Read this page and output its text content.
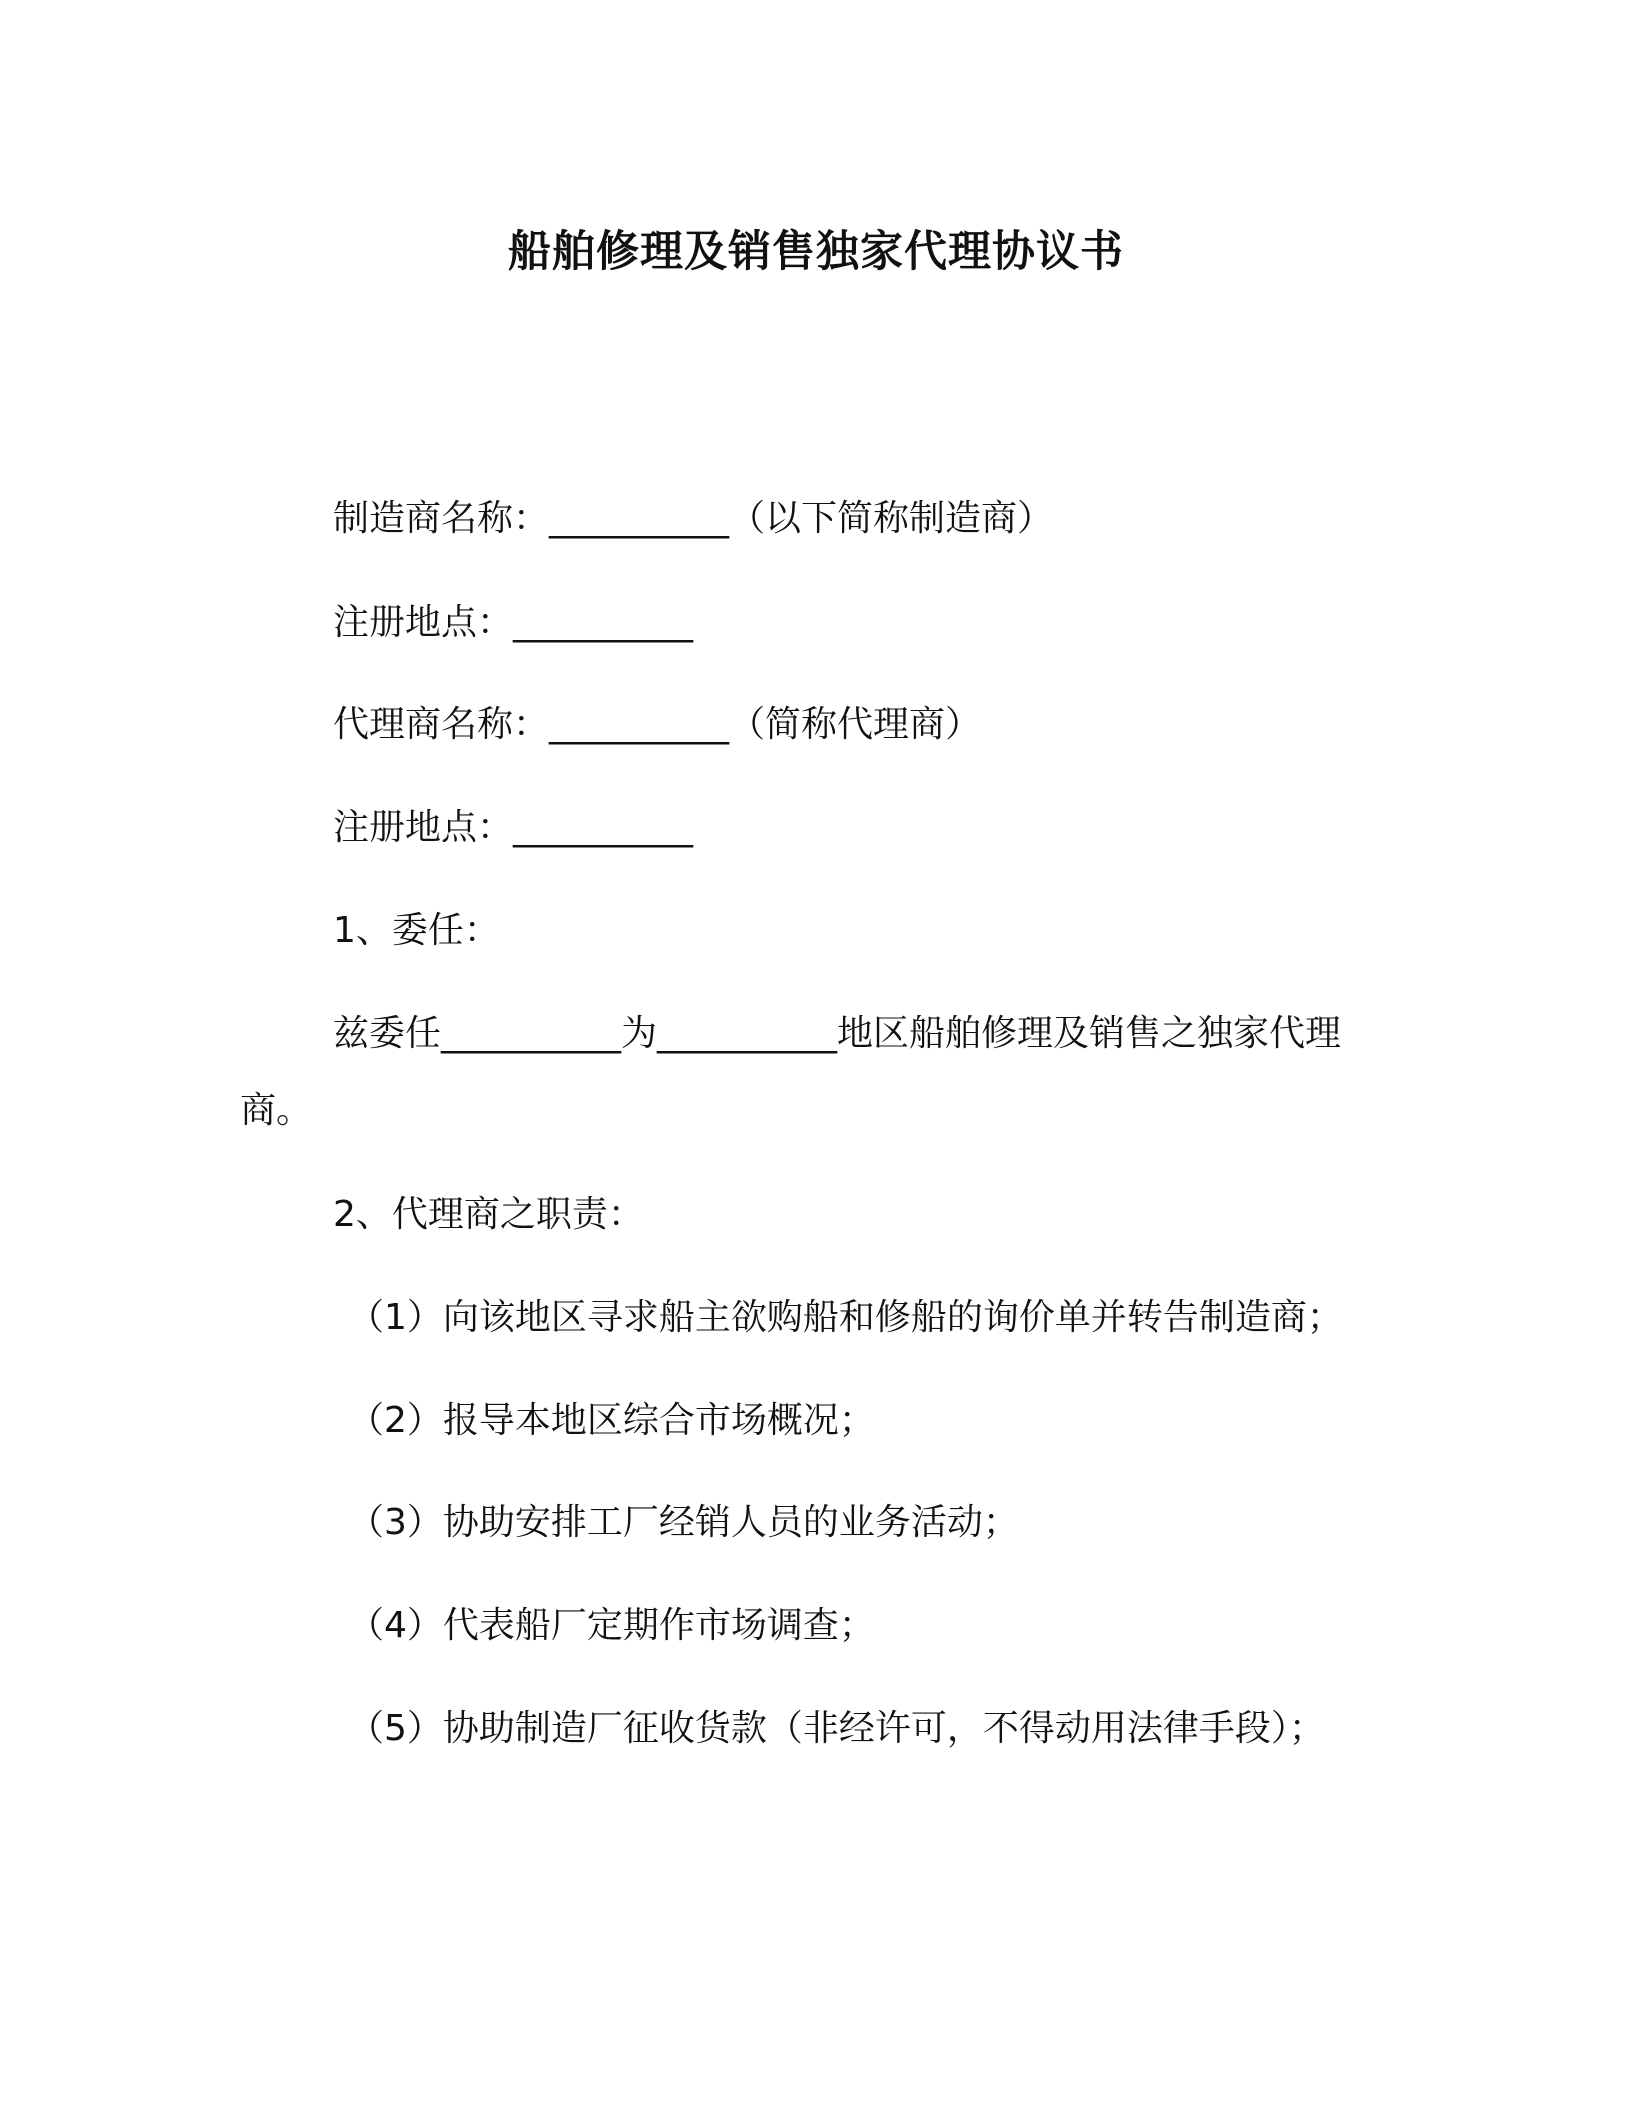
船舶修理及销售独家代理协议书
制造商名称：__________（以下简称制造商）
注册地点：__________
代理商名称：__________（简称代理商）
注册地点：__________
1、委任：
兹委任__________为__________地区船舶修理及销售之独家代理
商。
2、代理商之职责：
（1）向该地区寻求船主欲购船和修船的询价单并转告制造商；
（2）报导本地区综合市场概况；
（3）协助安排工厂经销人员的业务活动；
（4）代表船厂定期作市场调查；
（5）协助制造厂征收货款（非经许可，不得动用法律手段）；
